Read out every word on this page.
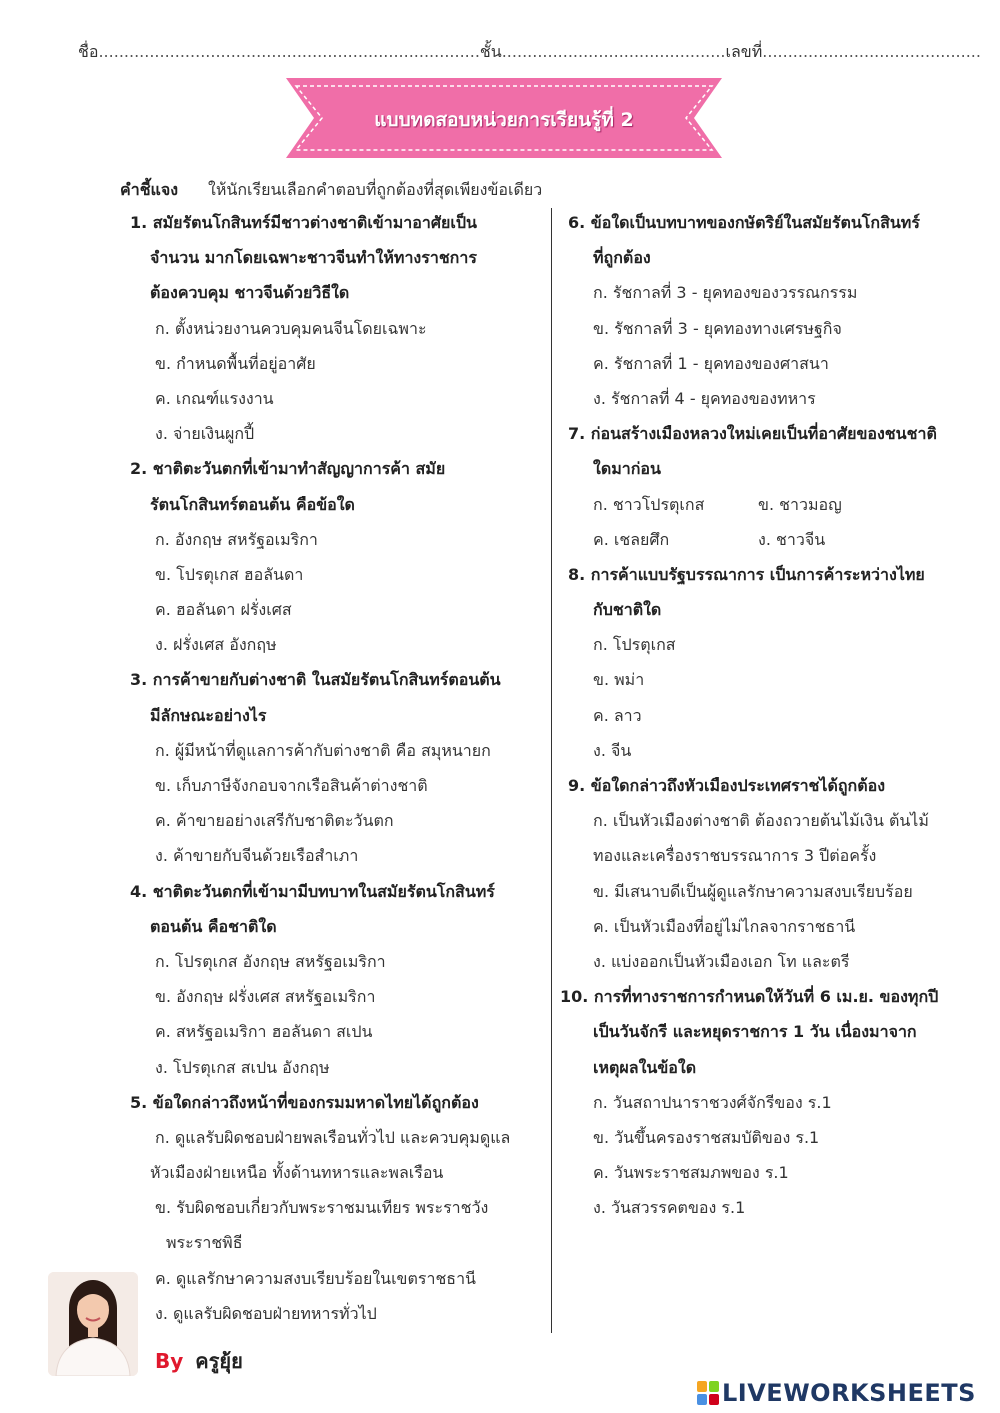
ชื่อ...........................................................................ชั้น............................................เลขที่...........................................
แบบทดสอบหน่วยการเรียนรู้ที่ 2
คำชี้แจง ให้นักเรียนเลือกคำตอบที่ถูกต้องที่สุดเพียงข้อเดียว
1. สมัยรัตนโกสินทร์มีชาวต่างชาติเข้ามาอาศัยเป็น
จำนวน มากโดยเฉพาะชาวจีนทำให้ทางราชการ
ต้องควบคุม ชาวจีนด้วยวิธีใด
ก. ตั้งหน่วยงานควบคุมคนจีนโดยเฉพาะ
ข. กำหนดพื้นที่อยู่อาศัย
ค. เกณฑ์แรงงาน
ง. จ่ายเงินผูกปี้
2. ชาติตะวันตกที่เข้ามาทำสัญญาการค้า สมัย
รัตนโกสินทร์ตอนต้น คือข้อใด
ก. อังกฤษ สหรัฐอเมริกา
ข. โปรตุเกส ฮอลันดา
ค. ฮอลันดา ฝรั่งเศส
ง. ฝรั่งเศส อังกฤษ
3. การค้าขายกับต่างชาติ ในสมัยรัตนโกสินทร์ตอนต้น
มีลักษณะอย่างไร
ก. ผู้มีหน้าที่ดูแลการค้ากับต่างชาติ คือ สมุหนายก
ข. เก็บภาษีจังกอบจากเรือสินค้าต่างชาติ
ค. ค้าขายอย่างเสรีกับชาติตะวันตก
ง. ค้าขายกับจีนด้วยเรือสำเภา
4. ชาติตะวันตกที่เข้ามามีบทบาทในสมัยรัตนโกสินทร์
ตอนต้น คือชาติใด
ก. โปรตุเกส อังกฤษ สหรัฐอเมริกา
ข. อังกฤษ ฝรั่งเศส สหรัฐอเมริกา
ค. สหรัฐอเมริกา ฮอลันดา สเปน
ง. โปรตุเกส สเปน อังกฤษ
5. ข้อใดกล่าวถึงหน้าที่ของกรมมหาดไทยได้ถูกต้อง
ก. ดูแลรับผิดชอบฝ่ายพลเรือนทั่วไป และควบคุมดูแล
หัวเมืองฝ่ายเหนือ ทั้งด้านทหารและพลเรือน
ข. รับผิดชอบเกี่ยวกับพระราชมนเทียร พระราชวัง
พระราชพิธี
ค. ดูแลรักษาความสงบเรียบร้อยในเขตราชธานี
ง. ดูแลรับผิดชอบฝ่ายทหารทั่วไป
6. ข้อใดเป็นบทบาทของกษัตริย์ในสมัยรัตนโกสินทร์
ที่ถูกต้อง
ก. รัชกาลที่ 3 - ยุคทองของวรรณกรรม
ข. รัชกาลที่ 3 - ยุคทองทางเศรษฐกิจ
ค. รัชกาลที่ 1 - ยุคทองของศาสนา
ง. รัชกาลที่ 4 - ยุคทองของทหาร
7. ก่อนสร้างเมืองหลวงใหม่เคยเป็นที่อาศัยของชนชาติ
ใดมาก่อน
ก. ชาวโปรตุเกส	ข. ชาวมอญ
ค. เชลยศึก	ง. ชาวจีน
8. การค้าแบบรัฐบรรณาการ เป็นการค้าระหว่างไทย
กับชาติใด
ก. โปรตุเกส
ข. พม่า
ค. ลาว
ง. จีน
9. ข้อใดกล่าวถึงหัวเมืองประเทศราชได้ถูกต้อง
ก. เป็นหัวเมืองต่างชาติ ต้องถวายต้นไม้เงิน ต้นไม้
ทองและเครื่องราชบรรณาการ 3 ปีต่อครั้ง
ข. มีเสนาบดีเป็นผู้ดูแลรักษาความสงบเรียบร้อย
ค. เป็นหัวเมืองที่อยู่ไม่ไกลจากราชธานี
ง. แบ่งออกเป็นหัวเมืองเอก โท และตรี
10. การที่ทางราชการกำหนดให้วันที่ 6 เม.ย. ของทุกปี
เป็นวันจักรี และหยุดราชการ 1 วัน เนื่องมาจาก
เหตุผลในข้อใด
ก. วันสถาปนาราชวงศ์จักรีของ ร.1
ข. วันขึ้นครองราชสมบัติของ ร.1
ค. วันพระราชสมภพของ ร.1
ง. วันสวรรคตของ ร.1
By ครูยุ้ย
LIVEWORKSHEETS
